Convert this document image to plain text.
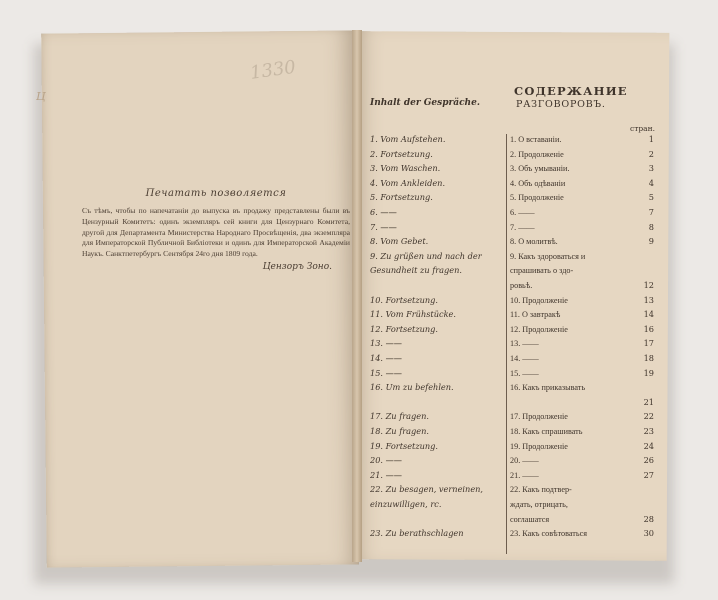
1330
Ц
Печатать позволяется
Съ тѣмъ, чтобы по напечатаніи до выпуска въ продажу представлены были въ Цензурный Комитетъ: одинъ экземпляръ сей книги для Цензурнаго Комитета, другой для Департамента Министерства Народнаго Просвѣщенія, два экземпляра для Императорской Публичной Библіотеки и одинъ для Императорской Академіи Наукъ. Санктпетербургъ Сентября 24го дня 1809 года.
Цензоръ Зоно.
СОДЕРЖАНИЕ
Inhalt der Gespräche.	РАЗГОВОРОВЪ.
стран.
1. Vom Aufstehen.	1. О вставаніи.	1
2. Fortsetzung.	2. Продолженіе	2
3. Vom Waschen.	3. Объ умываніи.	3
4. Vom Ankleiden.	4. Объ одѣваніи	4
5. Fortsetzung.	5. Продолженіе	5
6. ——	6. ——	7
7. ——	7. ——	8
8. Vom Gebet.	8. О молитвѣ.	9
9. Zu grüßen und nach der	9. Какъ здороваться и
Gesundheit zu fragen.	спрашивать о здо-
ровьѣ.	12
10. Fortsetzung.	10. Продолженіе	13
11. Vom Frühstücke.	11. О завтракѣ	14
12. Fortsetzung.	12. Продолженіе	16
13. ——	13. ——	17
14. ——	14. ——	18
15. ——	15. ——	19
16. Um zu befehlen.	16. Какъ приказывать
21
17. Zu fragen.	17. Продолженіе	22
18. Zu fragen.	18. Какъ спрашивать	23
19. Fortsetzung.	19. Продолженіе	24
20. ——	20. ——	26
21. ——	21. ——	27
22. Zu besagen, verneinen,	22. Какъ подтвер-
einzuwilligen, rc.	ждать, отрицать,
соглашатся	28
23. Zu berathschlagen	23. Какъ совѣтоваться	30
